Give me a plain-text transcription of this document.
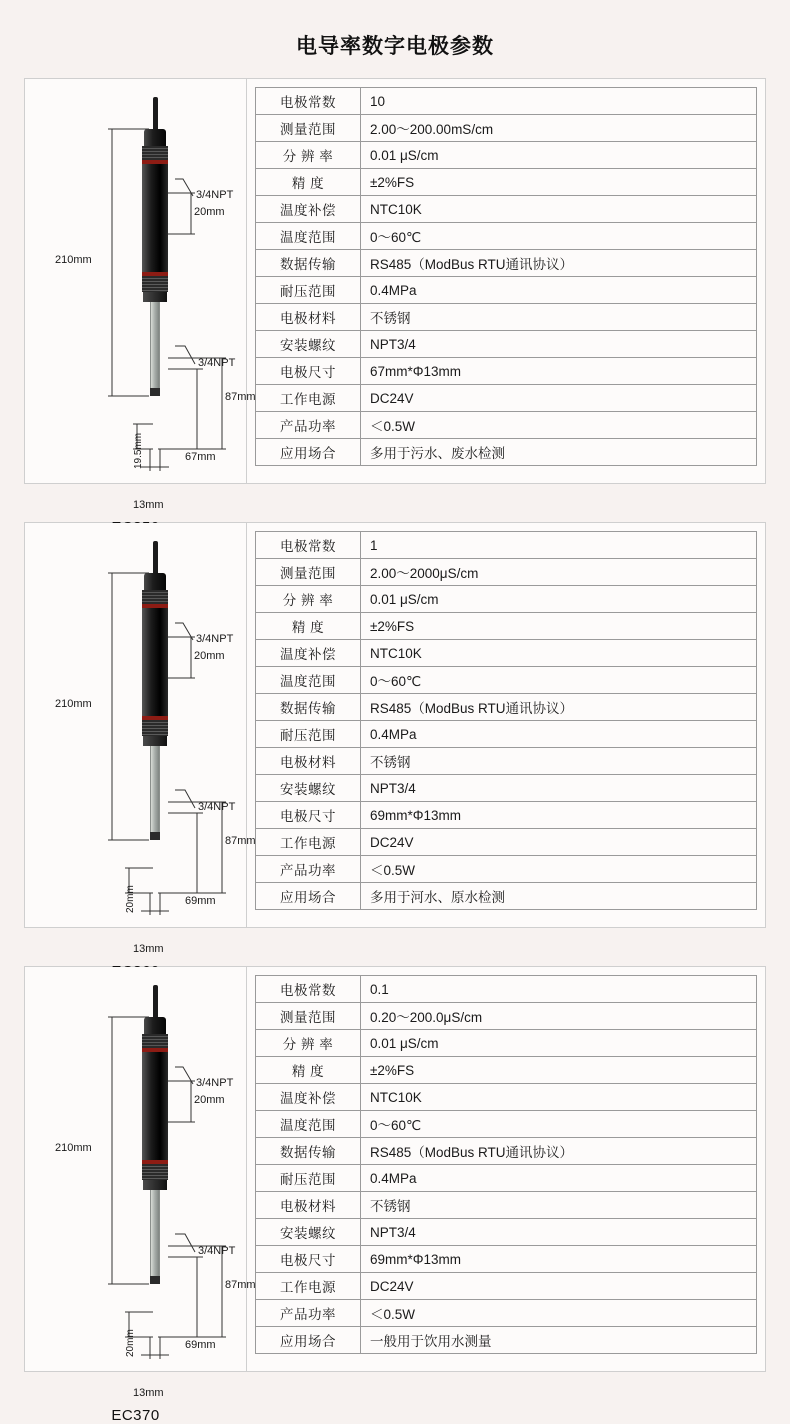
电导率数字电极参数
3/4NPT
3/4NPT
20mm
210mm
87mm
67mm
19.5mm
13mm
电极常数	10
测量范围	2.00～200.00mS/cm
分 辨 率	0.01 μS/cm
精 度	±2%FS
温度补偿	NTC10K
温度范围	0～60℃
数据传输	RS485（ModBus RTU通讯协议）
耐压范围	0.4MPa
电极材料	不锈钢
安装螺纹	NPT3/4
电极尺寸	67mm*Φ13mm
工作电源	DC24V
产品功率	＜0.5W
应用场合	多用于污水、废水检测
3/4NPT
3/4NPT
20mm
210mm
87mm
69mm
20mm
13mm
电极常数	1
测量范围	2.00～2000μS/cm
分 辨 率	0.01 μS/cm
精 度	±2%FS
温度补偿	NTC10K
温度范围	0～60℃
数据传输	RS485（ModBus RTU通讯协议）
耐压范围	0.4MPa
电极材料	不锈钢
安装螺纹	NPT3/4
电极尺寸	69mm*Φ13mm
工作电源	DC24V
产品功率	＜0.5W
应用场合	多用于河水、原水检测
3/4NPT
3/4NPT
20mm
210mm
87mm
69mm
20mm
13mm
EC370
电极常数	0.1
测量范围	0.20～200.0μS/cm
分 辨 率	0.01 μS/cm
精 度	±2%FS
温度补偿	NTC10K
温度范围	0～60℃
数据传输	RS485（ModBus RTU通讯协议）
耐压范围	0.4MPa
电极材料	不锈钢
安装螺纹	NPT3/4
电极尺寸	69mm*Φ13mm
工作电源	DC24V
产品功率	＜0.5W
应用场合	一般用于饮用水测量
